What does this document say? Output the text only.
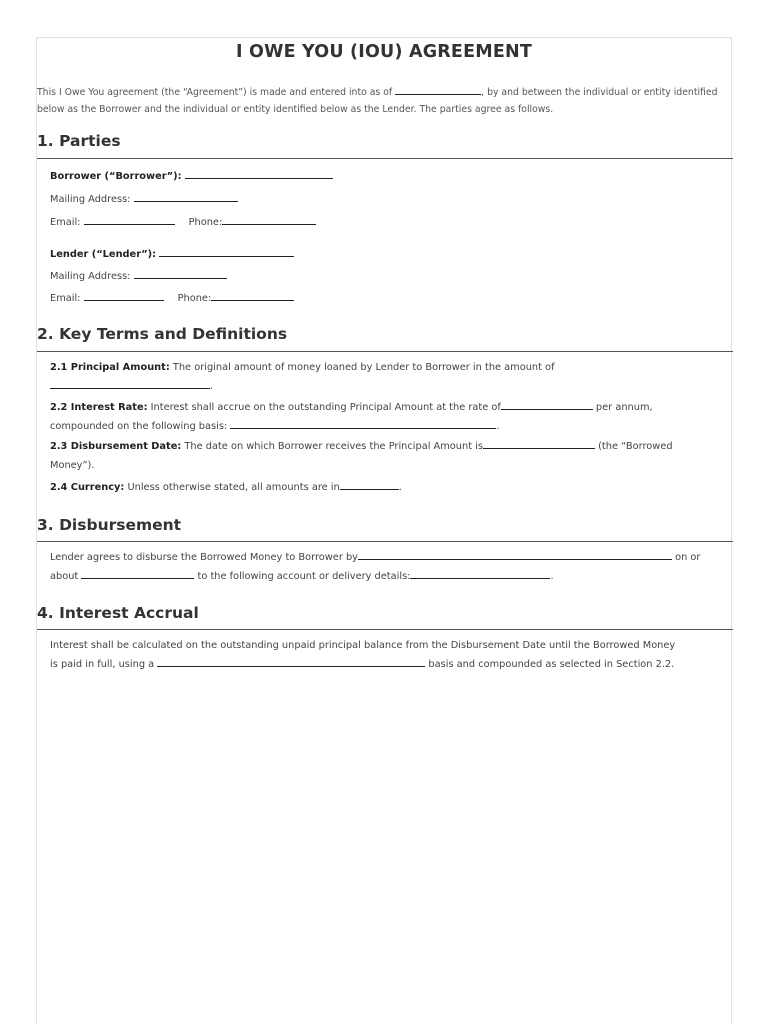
I OWE YOU (IOU) AGREEMENT
This I Owe You agreement (the “Agreement”) is made and entered into as of	, by and between the individual or entity identified below as the Borrower and the individual or entity identified below as the Lender. The parties agree as follows.
1. Parties
Borrower (“Borrower”):
Mailing Address:
Email:	Phone:
Lender (“Lender”):
Mailing Address:
Email:	Phone:
2. Key Terms and Definitions
2.1 Principal Amount: The original amount of money loaned by Lender to Borrower in the amount of
.
2.2 Interest Rate: Interest shall accrue on the outstanding Principal Amount at the rate of	per annum,
compounded on the following basis:	.
2.3 Disbursement Date: The date on which Borrower receives the Principal Amount is	(the “Borrowed
Money”).
2.4 Currency: Unless otherwise stated, all amounts are in	.
3. Disbursement
Lender agrees to disburse the Borrowed Money to Borrower by	on or
about	to the following account or delivery details:	.
4. Interest Accrual
Interest shall be calculated on the outstanding unpaid principal balance from the Disbursement Date until the Borrowed Money
is paid in full, using a	basis and compounded as selected in Section 2.2.
